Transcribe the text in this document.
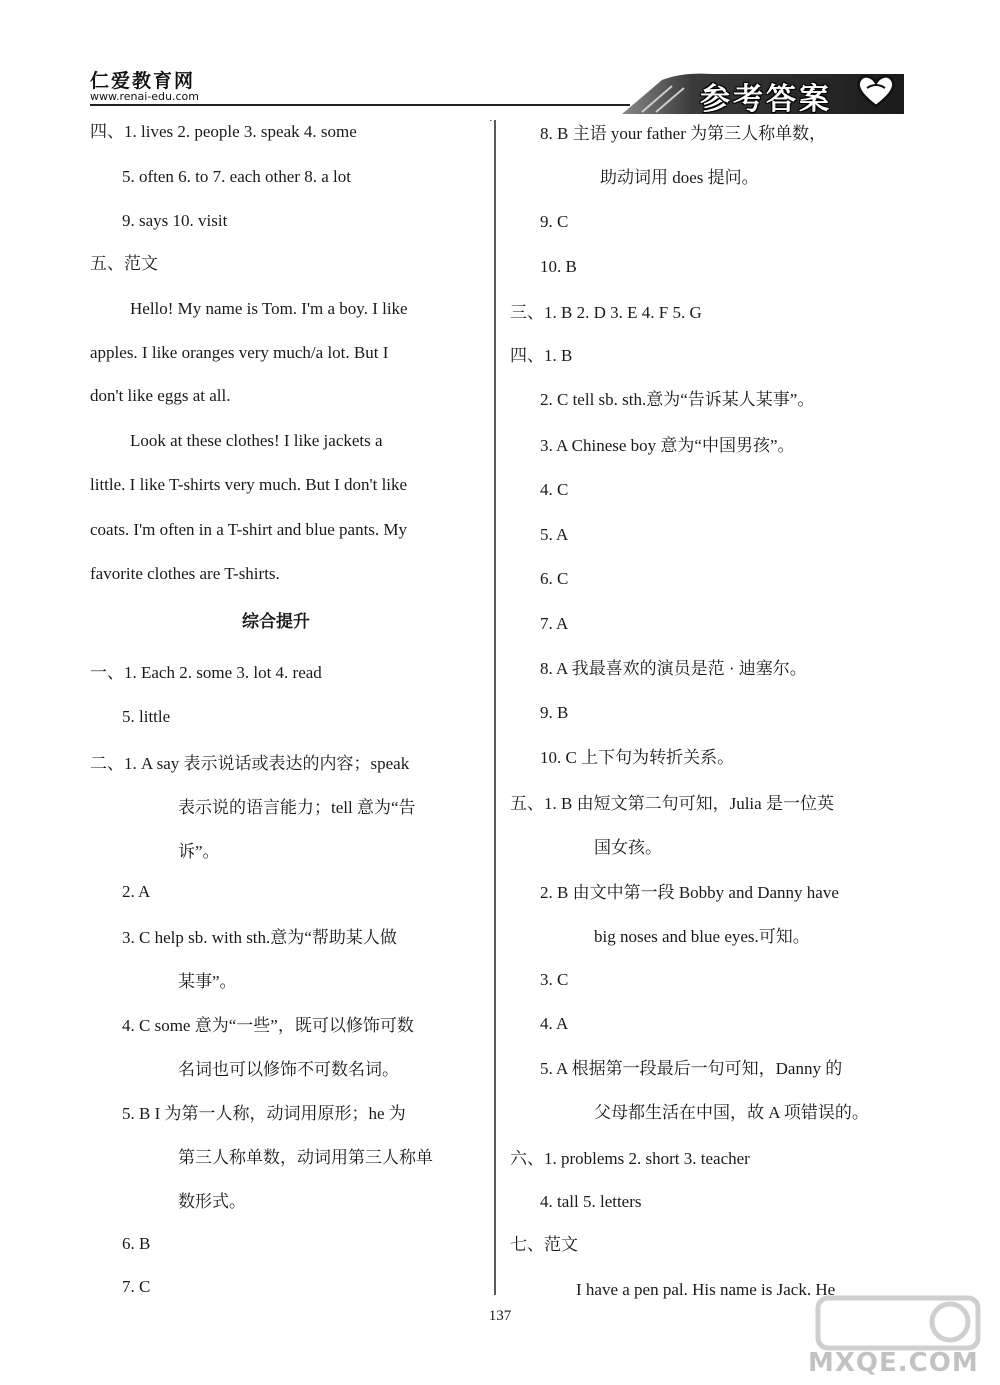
仁爱教育网
www.renai-edu.com	参考答案
四、1. lives 2. people 3. speak 4. some
5. often 6. to 7. each other 8. a lot
9. says 10. visit
五、范文
Hello! My name is Tom. I'm a boy. I like
apples. I like oranges very much/a lot. But I
don't like eggs at all.
Look at these clothes! I like jackets a
little. I like T-shirts very much. But I don't like
coats. I'm often in a T-shirt and blue pants. My
favorite clothes are T-shirts.
综合提升
一、1. Each 2. some 3. lot 4. read
5. little
二、1. A say 表示说话或表达的内容；speak
表示说的语言能力；tell 意为“告
诉”。
2. A
3. C help sb. with sth.意为“帮助某人做
某事”。
4. C some 意为“一些”，既可以修饰可数
名词也可以修饰不可数名词。
5. B I 为第一人称，动词用原形；he 为
第三人称单数，动词用第三人称单
数形式。
6. B
7. C
8. B 主语 your father 为第三人称单数，
助动词用 does 提问。
9. C
10. B
三、1. B 2. D 3. E 4. F 5. G
四、1. B
2. C tell sb. sth.意为“告诉某人某事”。
3. A Chinese boy 意为“中国男孩”。
4. C
5. A
6. C
7. A
8. A 我最喜欢的演员是范 · 迪塞尔。
9. B
10. C 上下句为转折关系。
五、1. B 由短文第二句可知，Julia 是一位英
国女孩。
2. B 由文中第一段 Bobby and Danny have
big noses and blue eyes.可知。
3. C
4. A
5. A 根据第一段最后一句可知，Danny 的
父母都生活在中国，故 A 项错误的。
六、1. problems 2. short 3. teacher
4. tall 5. letters
七、范文
I have a pen pal. His name is Jack. He
137
MXQE.COM
